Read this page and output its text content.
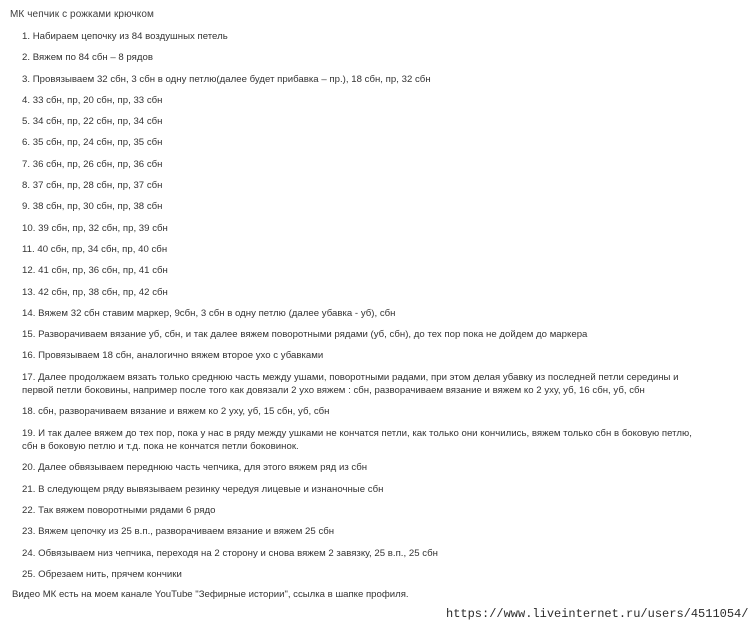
МК чепчик с рожками крючком
1. Набираем цепочку из 84 воздушных петель
2. Вяжем по 84 сбн – 8 рядов
3. Провязываем 32 сбн, 3 сбн в одну петлю(далее будет прибавка – пр.), 18 сбн, пр, 32 сбн
4. 33 сбн, пр, 20 сбн, пр, 33 сбн
5. 34 сбн, пр, 22 сбн, пр, 34 сбн
6. 35 сбн, пр, 24 сбн, пр, 35 сбн
7. 36 сбн, пр, 26 сбн, пр, 36 сбн
8. 37 сбн, пр, 28 сбн, пр, 37 сбн
9. 38 сбн, пр, 30 сбн, пр, 38 сбн
10. 39 сбн, пр, 32 сбн, пр, 39 сбн
11. 40 сбн, пр, 34 сбн, пр, 40 сбн
12. 41 сбн, пр, 36 сбн, пр, 41 сбн
13. 42 сбн, пр, 38 сбн, пр, 42 сбн
14. Вяжем 32 сбн ставим маркер, 9сбн, 3 сбн в одну петлю (далее убавка - уб), сбн
15. Разворачиваем вязание уб, сбн, и так далее вяжем поворотными рядами (уб, сбн), до тех пор пока не дойдем до маркера
16. Провязываем 18 сбн, аналогично вяжем второе ухо с убавками
17. Далее продолжаем вязать только среднюю часть между ушами, поворотными радами, при этом делая убавку из последней петли середины и первой петли боковины, например после того как довязали 2 ухо вяжем : сбн, разворачиваем вязание и вяжем ко 2 уху, уб, 16 сбн, уб, сбн
18. сбн, разворачиваем вязание и вяжем ко 2 уху, уб, 15 сбн, уб, сбн
19. И так далее вяжем до тех пор, пока у нас в ряду между ушками не кончатся петли, как только они кончились, вяжем только сбн в боковую петлю, сбн в боковую петлю и т.д. пока не кончатся петли боковинок.
20. Далее обвязываем переднюю часть чепчика, для этого вяжем ряд из сбн
21. В следующем ряду вывязываем резинку чередуя лицевые и изнаночные сбн
22. Так вяжем поворотными рядами 6 рядо
23. Вяжем цепочку из 25 в.п., разворачиваем вязание и вяжем 25 сбн
24. Обвязываем низ чепчика, переходя на 2 сторону и снова вяжем 2 завязку, 25 в.п., 25 сбн
25. Обрезаем нить, прячем кончики
Видео МК есть на моем канале YouTube "Зефирные истории", ссылка в шапке профиля.
https://www.liveinternet.ru/users/4511054/
